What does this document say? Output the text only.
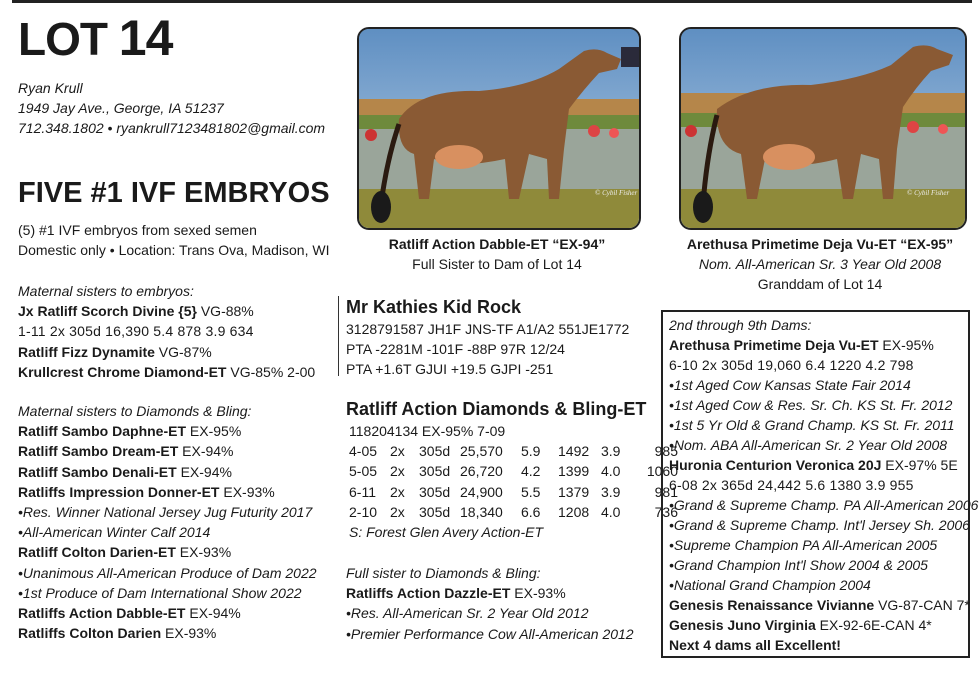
LOT 14
Ryan Krull
1949 Jay Ave., George, IA 51237
712.348.1802 • ryankrull7123481802@gmail.com
FIVE #1 IVF EMBRYOS
(5) #1 IVF embryos from sexed semen
Domestic only • Location: Trans Ova, Madison, WI
Maternal sisters to embryos:
Jx Ratliff Scorch Divine {5} VG-88%
1-11 2x 305d 16,390 5.4 878 3.9 634
Ratliff Fizz Dynamite VG-87%
Krullcrest Chrome Diamond-ET VG-85% 2-00
Maternal sisters to Diamonds & Bling:
Ratliff Sambo Daphne-ET EX-95%
Ratliff Sambo Dream-ET EX-94%
Ratliff Sambo Denali-ET EX-94%
Ratliffs Impression Donner-ET EX-93%
•Res. Winner National Jersey Jug Futurity 2017
•All-American Winter Calf 2014
Ratliff Colton Darien-ET EX-93%
•Unanimous All-American Produce of Dam 2022
•1st Produce of Dam International Show 2022
Ratliffs Action Dabble-ET EX-94%
Ratliffs Colton Darien EX-93%
© Cybil Fisher
Ratliff Action Dabble-ET “EX-94”
Full Sister to Dam of Lot 14
© Cybil Fisher
Arethusa Primetime Deja Vu-ET “EX-95”
Nom. All-American Sr. 3 Year Old 2008
Granddam of Lot 14
Mr Kathies Kid Rock
3128791587 JH1F JNS-TF A1/A2 551JE1772
PTA -2281M -101F -88P 97R 12/24
PTA +1.6T GJUI +19.5 GJPI -251
Ratliff Action Diamonds & Bling-ET
118204134 EX-95% 7-09
4-05	2x	305d	25,570	5.9	1492	3.9	985
5-05	2x	305d	26,720	4.2	1399	4.0	1060
6-11	2x	305d	24,900	5.5	1379	3.9	981
2-10	2x	305d	18,340	6.6	1208	4.0	736
S: Forest Glen Avery Action-ET
Full sister to Diamonds & Bling:
Ratliffs Action Dazzle-ET EX-93%
•Res. All-American Sr. 2 Year Old 2012
•Premier Performance Cow All-American 2012
2nd through 9th Dams:
Arethusa Primetime Deja Vu-ET EX-95%
6-10 2x 305d 19,060 6.4 1220 4.2 798
•1st Aged Cow Kansas State Fair 2014
•1st Aged Cow & Res. Sr. Ch. KS St. Fr. 2012
•1st 5 Yr Old & Grand Champ. KS St. Fr. 2011
•Nom. ABA All-American Sr. 2 Year Old 2008
Huronia Centurion Veronica 20J EX-97% 5E
6-08 2x 365d 24,442 5.6 1380 3.9 955
•Grand & Supreme Champ. PA All-American 2006
•Grand & Supreme Champ. Int'l Jersey Sh. 2006
•Supreme Champion PA All-American 2005
•Grand Champion Int'l Show 2004 & 2005
•National Grand Champion 2004
Genesis Renaissance Vivianne VG-87-CAN 7*
Genesis Juno Virginia EX-92-6E-CAN 4*
Next 4 dams all Excellent!
